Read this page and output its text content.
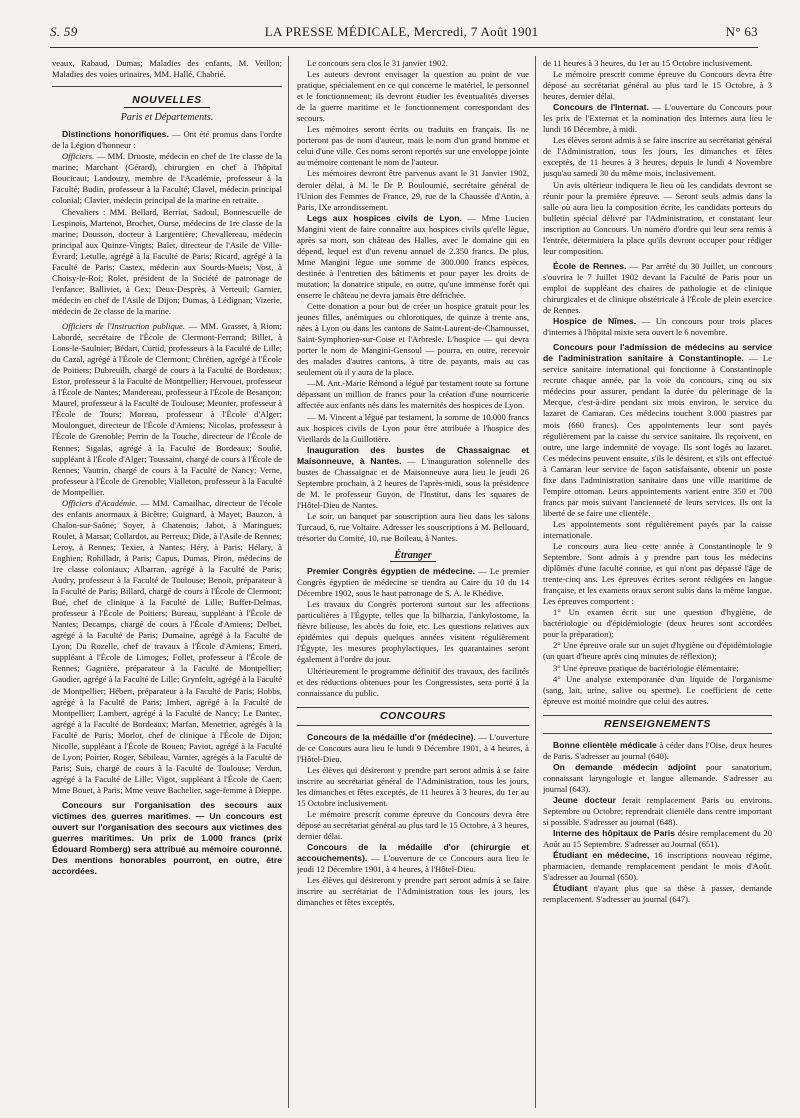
S. 59	LA PRESSE MÉDICALE, Mercredi, 7 Août 1901	N° 63

veaux, Rabaud, Dumas; Maladies des enfants, M. Veillon; Maladies des voies urinaires, MM. Hallé, Chabrié.

NOUVELLES
Paris et Départements.

Distinctions honorifiques. — Ont été promus dans l'ordre de la Légion d'honneur :

Officiers. — MM. Druoste, médecin en chef de 1re classe de la marine; Marchant (Gérard), chirurgien en chef à l'hôpital Boucicaut; Landouzy, membre de l'Académie, professeur à la Faculté; Budin, professeur à la Faculté; Clavel, médecin principal colonial; Clavier, médecin principal de la marine en retraite.

Chevaliers : MM. Bellard, Berriat, Sadoul, Bonnescuelle de Lespinois, Martenot, Brochet, Ourse, médecins de 1re classe de la marine; Dousson, docteur à Largentière; Chevallereau, médecin principal aux Quinze-Vingts; Balet, directeur de l'Asile de Ville-Évrard; Letulle, agrégé à la Faculté de Paris; Ricard, agrégé à la Faculté de Paris; Castex, médecin aux Sourds-Muets; Vost, à Choisy-le-Roi; Rolet, président de la Société de patronage de l'enfance; Balliviet, à Gex; Deux-Desprès, à Verteuil; Garnier, médecin en chef de l'Asile de Dijon; Dumas, à Lédignan; Vizerie, médecin de 2e classe de la marine.

Officiers de l'Instruction publique. — MM. Grasset, à Riom; Labordé, secrétaire de l'École de Clermont-Ferrand; Billet, à Lons-le-Saulnier; Bédart, Curtid, professeurs à la Faculté de Lille; du Cazal, agrégé à l'École de Clermont; Chrétien, agrégé à l'École de Poitiers; Dubreuilh, chargé de cours à la Faculté de Bordeaux; Estor, professeur à la Faculté de Montpellier; Hervouet, professeur à l'École de Nantes; Mandereau, professeur à l'École de Besançon; Maurel, professeur à la Faculté de Toulouse; Meunier, professeur à l'École de Tours; Moreau, professeur à l'École d'Alger; Moulonguet, directeur de l'École d'Amiens; Nicolas, professeur à l'École de Grenoble; Perrin de la Touche, directeur de l'École de Rennes; Sigalas, agrégé à la Faculté de Bordeaux; Soulié, suppléant à l'École d'Alger; Toussaint, chargé de cours à l'École de Rennes; Vautrin, chargé de cours à la Faculté de Nancy; Verne, professeur à l'École de Grenoble; Vialleton, professeur à la Faculté de Montpellier.

Officiers d'Académie. — MM. Camailhac, directeur de l'école des enfants anormaux à Bicêtre; Guignard, à Mayet; Bauzon, à Chalon-sur-Saône; Soyer, à Chatenois; Jabot, à Maringues; Roulet, à Marsat; Collardot, au Perreux; Dide, à l'Asile de Rennes; Leroy, à Rennes; Texier, à Nantes; Héry, à Paris; Hélary, à Enghien; Rohilladr, à Paris; Capus, Dumas, Piron, médecins de 1re classe coloniaux; Albarran, agrégé à la Faculté de Paris; Audry, professeur à la Faculté de Toulouse; Benoit, préparateur à la Faculté de Paris; Billard, chargé de cours à l'École de Clermont; Bué, chef de clinique à la Faculté de Lille; Buffet-Delmas, professeur à l'École de Poitiers; Bureau, suppléant à l'École de Nantes; Decamps, chargé de cours à l'École d'Amiens; Delbet, agrégé à la Faculté de Paris; Dumaine, agrégé à la Faculté de Lyon; Du Rozelle, chef de travaux à l'École d'Amiens; Emeri, suppléant à l'École de Limoges; Follet, professeur à l'École de Rennes; Gagnière, préparateur à la Faculté de Montpellier; Gaudier, agrégé à la Faculté de Lille; Grynfeltt, agrégé à la Faculté de Montpellier; Hébert, préparateur à la Faculté de Paris; Hobbs, agrégé à la Faculté de Paris; Imbert, agrégé à la Faculté de Montpellier; Lambert, agrégé à la Faculté de Nancy; Le Dantec, agrégé à la Faculté de Bordeaux; Marfan, Menetrier, agrégés à la Faculté de Paris; Morlot, chef de clinique à l'École de Dijon; Nicolle, suppléant à l'École de Rouen; Paviot, agrégé à la Faculté de Lyon; Poirier, Roger, Sébileau, Varnier, agrégés à la Faculté de Paris; Suis, chargé de cours à la Faculté de Toulouse; Verdun, agrégé à la Faculté de Lille; Vigot, suppléant à l'École de Caen; Mme Bouet, à Paris; Mme veuve Bachelier, sage-femme à Dieppe.

Concours sur l'organisation des secours aux victimes des guerres maritimes. — Un concours est ouvert sur l'organisation des secours aux victimes des guerres maritimes. Un prix de 1.000 francs (prix Édouard Romberg) sera attribué au mémoire couronné. Des mentions honorables pourront, en outre, être accordées.

Le concours sera clos le 31 janvier 1902.

Les auteurs devront envisager la question au point de vue pratique, spécialement en ce qui concerne le matériel, le personnel et le fonctionnement; ils devront étudier les éventualités diverses de la guerre maritime et le fonctionnement correspondant des secours.

Les mémoires seront écrits ou traduits en français. Ils ne porteront pas de nom d'auteur, mais le nom d'un grand homme et celui d'une ville. Ces noms seront reportés sur une enveloppe jointe au mémoire contenant le nom de l'auteur.

Les mémoires devront être parvenus avant le 31 Janvier 1902, dernier délai, à M. le Dr P. Bouloumié, secrétaire général de l'Union des Femmes de France, 29, rue de la Chaussée d'Antin, à Paris, IXe arrondissement.

Legs aux hospices civils de Lyon. — Mme Lucien Mangini vient de faire connaître aux hospices civils qu'elle lègue, après sa mort, son château des Halles, avec le domaine qui en dépend, lequel est d'un revenu annuel de 2.350 francs. De plus, Mme Mangini lègue une somme de 300.000 francs espèces, destinée à l'entretien des bâtiments et pour payer les droits de mutation; la donatrice stipule, en outre, qu'une immense forêt qui enserre le château ne devra jamais être défrichée.

Cette donation a pour but de créer un hospice gratuit pour les jeunes filles, anémiques ou chlorotiques, de quinze à trente ans, nées à Lyon ou dans les cantons de Saint-Laurent-de-Chamousset, Saint-Symphorien-sur-Coise et l'Arbresle. L'hospice — qui devra porter le nom de Mangini-Gensoul — pourra, en outre, recevoir des malades d'autres cantons, à titre de payants, mais au cas seulement où il y aura de la place.

—M. Ant.-Marie Rémond a légué par testament toute sa fortune dépassant un million de francs pour la création d'une nourricerie affectée aux enfants nés dans les maternités des hospices de Lyon.

— M. Vincent a légué par testament, la somme de 10.000 francs aux hospices civils de Lyon pour être attribuée à l'hospice des Vieillards de la Guillotière.

Inauguration des bustes de Chassaignac et Maisonneuve, à Nantes. — L'inauguration solennelle des bustes de Chassaignac et de Maisonneuve aura lieu le jeudi 26 Septembre prochain, à 2 heures de l'après-midi, sous la présidence de M. le professeur Guyon, de l'Institut, dans les squares de l'Hôtel-Dieu de Nantes.

Le soir, un banquet par souscription aura lieu dans les salons Turcaud, 6, rue Voltaire. Adresser les souscriptions à M. Bellouard, trésorier du Comité, 10, rue Boileau, à Nantes.

Étranger

Premier Congrès égyptien de médecine. — Le premier Congrès égyptien de médecine se tiendra au Caire du 10 du 14 Décembre 1902, sous le haut patronage de S. A. le Khédive.

Les travaux du Congrès porteront surtout sur les affections particulières à l'Égypte, telles que la bilharzia, l'ankylostome, la fièvre bilieuse, les abcès du foie, etc. Les questions relatives aux épidémies qui depuis quelques années visitent régulièrement l'Égypte, les mesures prophylactiques, les quarantaines seront également à l'ordre du jour.

Ultérieurement le programme définitif des travaux, des facilités et des réductions obtenues pour les Congressistes, sera porté à la connaissance du public.

CONCOURS

Concours de la médaille d'or (médecine). — L'ouverture de ce Concours aura lieu le lundi 9 Décembre 1901, à 4 heures, à l'Hôtel-Dieu.

Les élèves qui désireront y prendre part seront admis à se faire inscrire au secrétariat général de l'Administration, tous les jours, les dimanches et fêtes exceptés, de 11 heures à 3 heures, du 1er au 15 Octobre inclusivement.

Le mémoire prescrit comme épreuve du Concours devra être déposé au secrétariat général au plus tard le 15 Octobre, à 3 heures, dernier délai.

Concours de la médaille d'or (chirurgie et accouchements). — L'ouverture de ce Concours aura lieu le jeudi 12 Décembre 1901, à 4 heures, à l'Hôtel-Dieu.

Les élèves qui désireront y prendre part seront admis à se faire inscrire au secrétariat de l'Administration tous les jours, les dimanches et fêtes exceptés,

de 11 heures à 3 heures, du 1er au 15 Octobre inclusivement.

Le mémoire prescrit comme épreuve du Concours devra être déposé au secrétariat général au plus tard le 15 Octobre, à 3 heures, dernier délai.

Concours de l'Internat. — L'ouverture du Concours pour les prix de l'Externat et la nomination des Internes aura lieu le lundi 16 Décembre, à midi.

Les élèves seront admis à se faire inscrire au secrétariat général de l'Administration, tous les jours, les dimanches et fêtes exceptés, de 11 heures à 3 heures, depuis le lundi 4 Novembre jusqu'au samedi 30 du même mois, inclusivement.

Un avis ultérieur indiquera le lieu où les candidats devront se réunir pour la première épreuve. — Seront seuls admis dans la salle où aura lieu la composition écrite, les candidats porteurs du bulletin spécial délivré par l'Administration, et constatant leur inscription au Concours. Un numéro d'ordre qui leur sera remis à l'entrée, déterminera la place qu'ils devront occuper pour rédiger leur composition.

École de Rennes. — Par arrêté du 30 Juillet, un concours s'ouvrira le 7 Juillet 1902 devant la Faculté de Paris pour un emploi de suppléant des chaires de pathologie et de clinique chirurgicales et de clinique obstétricale à l'École de plein exercice de Rennes.

Hospice de Nîmes. — Un concours pour trois places d'internes à l'hôpital mixte sera ouvert le 6 novembre.

Concours pour l'admission de médecins au service de l'administration sanitaire à Constantinople. — Le service sanitaire international qui fonctionne à Constantinople recrute chaque année, par la voie du concours, cinq ou six médecins pour assurer, pendant la durée du pèlerinage de la Mecque, c'est-à-dire pendant six mois environ, le service du lazaret de Camaran. Ces médecins touchent 3.000 piastres par mois (660 francs). Ces appointements leur sont payés régulièrement par la caisse du service sanitaire. Ils reçoivent, en outre, une large indemnité de voyage. Ils sont logés au lazaret. Ces médecins peuvent ensuite, s'ils le désirent, et s'ils ont effectué à Camaran leur service de façon satisfaisante, obtenir un poste fixe dans l'administration sanitaire dans une ville maritime de l'empire ottoman. Leurs appointements varient entre 350 et 700 francs par mois suivant l'ancienneté de leurs services. Ils ont la liberté de se faire une clientèle.

Les appointements sont régulièrement payés par la caisse internationale.

Le concours aura lieu cette année à Constantinople le 9 Septembre. Sont admis à y prendre part tous les médecins diplômés d'une faculté connue, et qui n'ont pas dépassé l'âge de trente-cinq ans. Les épreuves écrites seront rédigées en langue française, et les examens oraux seront subis dans la même langue. Les épreuves comportent :

1° Un examen écrit sur une question d'hygiène, de bactériologie ou d'épidémiologie (deux heures sont accordées pour la préparation);

2° Une épreuve orale sur un sujet d'hygiène ou d'épidémiologie (un quart d'heure après cinq minutes de réflexion);

3° Une épreuve pratique de bactériologie élémentaire;

4° Une analyse extemporanée d'un liquide de l'organisme (sang, lait, urine, salive ou sperme). Le coefficient de cette épreuve est moitié moindre que celui des autres.

RENSEIGNEMENTS

Bonne clientèle médicale à céder dans l'Oise, deux heures de Paris. S'adresser au journal (640).

On demande médecin adjoint pour sanatorium, connaissant laryngologie et langue allemande. S'adresser au journal (643).

Jeune docteur ferait remplacement Paris ou environs. Septembre ou Octobre; reprendrait clientèle dans centre important si possible. S'adresser au journal (648).

Interne des hôpitaux de Paris désire remplacement du 20 Août au 15 Septembre. S'adresser au Journal (651).

Étudiant en médecine, 16 inscriptions nouveau régime, pharmacien, demande remplacement pendant le mois d'Août. S'adresser au Journal (650).

Étudiant n'ayant plus que sa thèse à passer, demande remplacement. S'adresser au journal (647).
